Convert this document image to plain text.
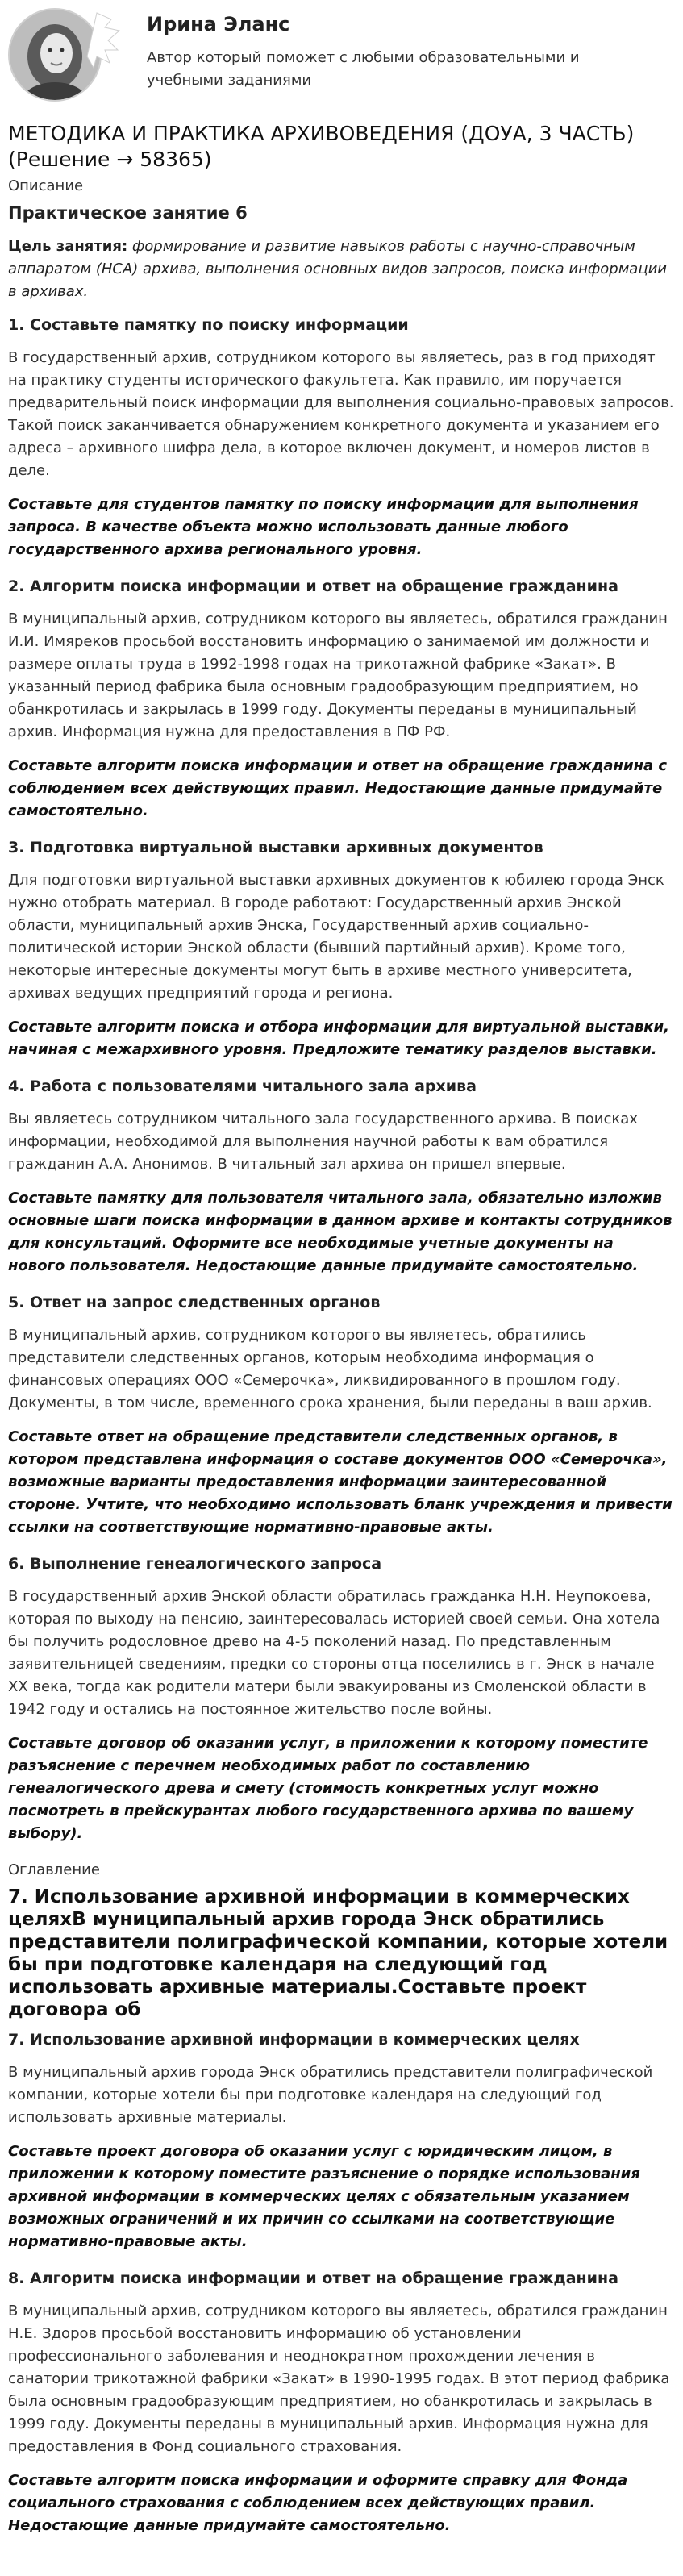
Ирина Эланс
Автор который поможет с любыми образовательными и учебными заданиями
МЕТОДИКА И ПРАКТИКА АРХИВОВЕДЕНИЯ (ДОУА, 3 ЧАСТЬ) (Решение → 58365)
Описание
Практическое занятие 6

Цель занятия: формирование и развитие навыков работы с научно-справочным аппаратом (НСА) архива, выполнения основных видов запросов, поиска информации в архивах.

1. Составьте памятку по поиску информации

В государственный архив, сотрудником которого вы являетесь, раз в год приходят на практику студенты исторического факультета. Как правило, им поручается предварительный поиск информации для выполнения социально-правовых запросов. Такой поиск заканчивается обнаружением конкретного документа и указанием его адреса – архивного шифра дела, в которое включен документ, и номеров листов в деле.

Составьте для студентов памятку по поиску информации для выполнения запроса. В качестве объекта можно использовать данные любого государственного архива регионального уровня.

2. Алгоритм поиска информации и ответ на обращение гражданина

В муниципальный архив, сотрудником которого вы являетесь, обратился гражданин И.И. Имяреков просьбой восстановить информацию о занимаемой им должности и размере оплаты труда в 1992-1998 годах на трикотажной фабрике «Закат». В указанный период фабрика была основным градообразующим предприятием, но обанкротилась и закрылась в 1999 году. Документы переданы в муниципальный архив. Информация нужна для предоставления в ПФ РФ.

Составьте алгоритм поиска информации и ответ на обращение гражданина с соблюдением всех действующих правил. Недостающие данные придумайте самостоятельно.

3. Подготовка виртуальной выставки архивных документов

Для подготовки виртуальной выставки архивных документов к юбилею города Энск нужно отобрать материал. В городе работают: Государственный архив Энской области, муниципальный архив Энска, Государственный архив социально-политической истории Энской области (бывший партийный архив). Кроме того, некоторые интересные документы могут быть в архиве местного университета, архивах ведущих предприятий города и региона.

Составьте алгоритм поиска и отбора информации для виртуальной выставки, начиная с межархивного уровня. Предложите тематику разделов выставки.

4. Работа с пользователями читального зала архива

Вы являетесь сотрудником читального зала государственного архива. В поисках информации, необходимой для выполнения научной работы к вам обратился гражданин А.А. Анонимов. В читальный зал архива он пришел впервые.

Составьте памятку для пользователя читального зала, обязательно изложив основные шаги поиска информации в данном архиве и контакты сотрудников для консультаций. Оформите все необходимые учетные документы на нового пользователя. Недостающие данные придумайте самостоятельно.

5. Ответ на запрос следственных органов

В муниципальный архив, сотрудником которого вы являетесь, обратились представители следственных органов, которым необходима информация о финансовых операциях ООО «Семерочка», ликвидированного в прошлом году. Документы, в том числе, временного срока хранения, были переданы в ваш архив.

Составьте ответ на обращение представители следственных органов, в котором представлена информация о составе документов ООО «Семерочка», возможные варианты предоставления информации заинтересованной стороне. Учтите, что необходимо использовать бланк учреждения и привести ссылки на соответствующие нормативно-правовые акты.

6. Выполнение генеалогического запроса

В государственный архив Энской области обратилась гражданка Н.Н. Неупокоева, которая по выходу на пенсию, заинтересовалась историей своей семьи. Она хотела бы получить родословное древо на 4-5 поколений назад. По представленным заявительницей сведениям, предки со стороны отца поселились в г. Энск в начале XX века, тогда как родители матери были эвакуированы из Смоленской области в 1942 году и остались на постоянное жительство после войны.

Составьте договор об оказании услуг, в приложении к которому поместите разъяснение с перечнем необходимых работ по составлению генеалогического древа и смету (стоимость конкретных услуг можно посмотреть в прейскурантах любого государственного архива по вашему выбору).

Оглавление
7. Использование архивной информации в коммерческих целяхВ муниципальный архив города Энск обратились представители полиграфической компании, которые хотели бы при подготовке календаря на следующий год использовать архивные материалы.Составьте проект договора об
7. Использование архивной информации в коммерческих целях

В муниципальный архив города Энск обратились представители полиграфической компании, которые хотели бы при подготовке календаря на следующий год использовать архивные материалы.

Составьте проект договора об оказании услуг с юридическим лицом, в приложении к которому поместите разъяснение о порядке использования архивной информации в коммерческих целях с обязательным указанием возможных ограничений и их причин со ссылками на соответствующие нормативно-правовые акты.

8. Алгоритм поиска информации и ответ на обращение гражданина

В муниципальный архив, сотрудником которого вы являетесь, обратился гражданин Н.Е. Здоров просьбой восстановить информацию об установлении профессионального заболевания и неоднократном прохождении лечения в санатории трикотажной фабрики «Закат» в 1990-1995 годах. В этот период фабрика была основным градообразующим предприятием, но обанкротилась и закрылась в 1999 году. Документы переданы в муниципальный архив. Информация нужна для предоставления в Фонд социального страхования.

Составьте алгоритм поиска информации и оформите справку для Фонда социального страхования с соблюдением всех действующих правил. Недостающие данные придумайте самостоятельно.
